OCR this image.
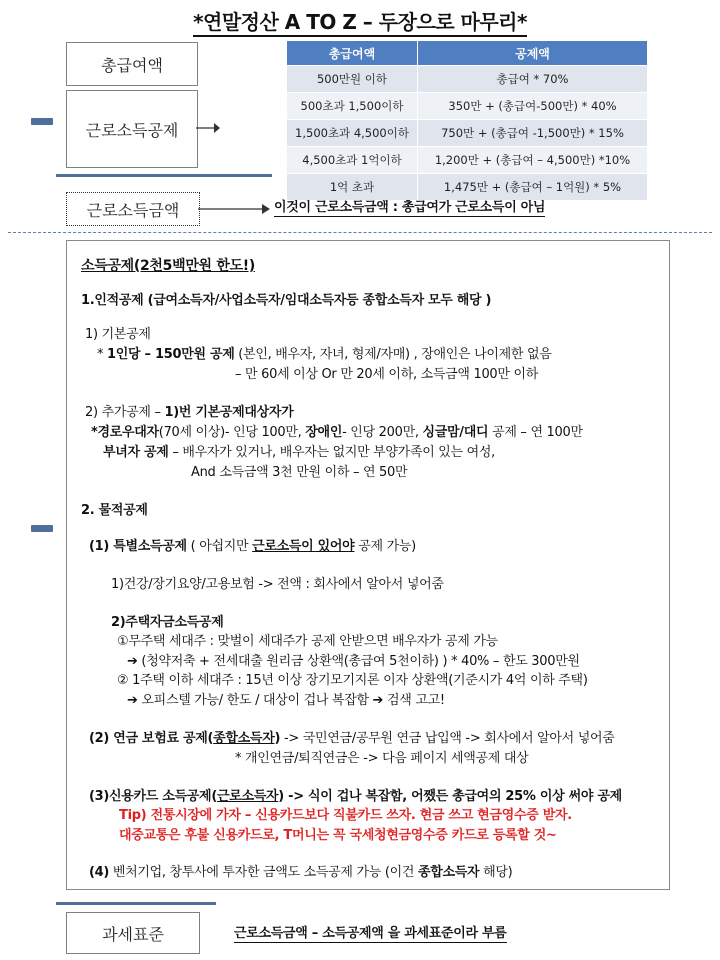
*연말정산 A TO Z – 두장으로 마무리*
총급여액
근로소득공제
근로소득금액	이것이 근로소득금액 : 총급여가 근로소득이 아님
총급여액	공제액
500만원 이하	총급여 * 70%
500초과 1,500이하	350만 + (총급여-500만) * 40%
1,500초과 4,500이하	750만 + (총급여 -1,500만) * 15%
4,500초과 1억이하	1,200만 + (총급여 – 4,500만) *10%
1억 초과	1,475만 + (총급여 – 1억원) * 5%
소득공제(2천5백만원 한도!)
1.인적공제 (급여소득자/사업소득자/임대소득자등 종합소득자 모두 해당 )
1) 기본공제
* 1인당 – 150만원 공제 (본인, 배우자, 자녀, 형제/자매) , 장애인은 나이제한 없음
– 만 60세 이상 Or 만 20세 이하, 소득금액 100만 이하
2) 추가공제 – 1)번 기본공제대상자가
*경로우대자(70세 이상)- 인당 100만, 장애인- 인당 200만, 싱글맘/대디 공제 – 연 100만
부녀자 공제 – 배우자가 있거나, 배우자는 없지만 부양가족이 있는 여성,
And 소득금액 3천 만원 이하 – 연 50만
2. 물적공제
(1) 특별소득공제 ( 아쉽지만 근로소득이 있어야 공제 가능)
1)건강/장기요양/고용보험 -> 전액 : 회사에서 알아서 넣어줌
2)주택자금소득공제
①무주택 세대주 : 맞벌이 세대주가 공제 안받으면 배우자가 공제 가능
➔ (청약저축 + 전세대출 원리금 상환액(총급여 5천이하) ) * 40% – 한도 300만원
② 1주택 이하 세대주 : 15년 이상 장기모기지론 이자 상환액(기준시가 4억 이하 주택)
➔ 오피스텔 가능/ 한도 / 대상이 겁나 복잡함 ➔ 검색 고고!
(2) 연금 보험료 공제(종합소득자) -> 국민연금/공무원 연금 납입액 -> 회사에서 알아서 넣어줌
* 개인연금/퇴직연금은 -> 다음 페이지 세액공제 대상
(3)신용카드 소득공제(근로소득자) -> 식이 겁나 복잡함, 어쨌든 총급여의 25% 이상 써야 공제
Tip) 전통시장에 가자 – 신용카드보다 직불카드 쓰자. 현금 쓰고 현금영수증 받자.
대중교통은 후불 신용카드로, T머니는 꼭 국세청현금영수증 카드로 등록할 것~
(4) 벤처기업, 창투사에 투자한 금액도 소득공제 가능 (이건 종합소득자 해당)
과세표준	근로소득금액 – 소득공제액 을 과세표준이라 부름
